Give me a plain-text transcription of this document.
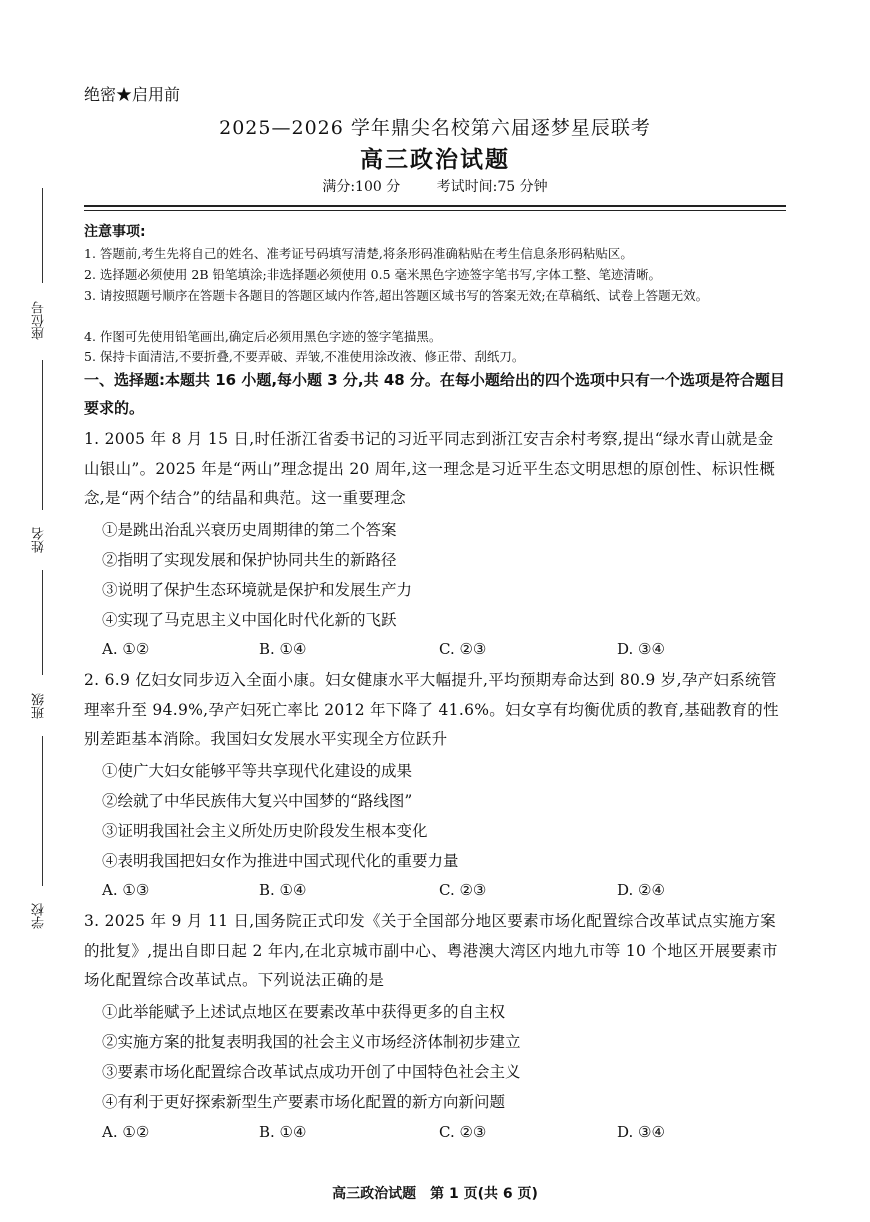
座位号
姓名
班级
学校
绝密★启用前
2025—2026 学年鼎尖名校第六届逐梦星辰联考
高三政治试题
满分:100 分	考试时间:75 分钟
注意事项:
1. 答题前,考生先将自己的姓名、准考证号码填写清楚,将条形码准确粘贴在考生信息条形码粘贴区。
2. 选择题必须使用 2B 铅笔填涂;非选择题必须使用 0.5 毫米黑色字迹签字笔书写,字体工整、笔迹清晰。
3. 请按照题号顺序在答题卡各题目的答题区域内作答,超出答题区域书写的答案无效;在草稿纸、试卷上答题无效。
4. 作图可先使用铅笔画出,确定后必须用黑色字迹的签字笔描黑。
5. 保持卡面清洁,不要折叠,不要弄破、弄皱,不准使用涂改液、修正带、刮纸刀。
一、选择题:本题共 16 小题,每小题 3 分,共 48 分。在每小题给出的四个选项中只有一个选项是符合题目要求的。
1. 2005 年 8 月 15 日,时任浙江省委书记的习近平同志到浙江安吉余村考察,提出“绿水青山就是金山银山”。2025 年是“两山”理念提出 20 周年,这一理念是习近平生态文明思想的原创性、标识性概念,是“两个结合”的结晶和典范。这一重要理念
①是跳出治乱兴衰历史周期律的第二个答案
②指明了实现发展和保护协同共生的新路径
③说明了保护生态环境就是保护和发展生产力
④实现了马克思主义中国化时代化新的飞跃
A. ①②	B. ①④	C. ②③	D. ③④
2. 6.9 亿妇女同步迈入全面小康。妇女健康水平大幅提升,平均预期寿命达到 80.9 岁,孕产妇系统管理率升至 94.9%,孕产妇死亡率比 2012 年下降了 41.6%。妇女享有均衡优质的教育,基础教育的性别差距基本消除。我国妇女发展水平实现全方位跃升
①使广大妇女能够平等共享现代化建设的成果
②绘就了中华民族伟大复兴中国梦的“路线图”
③证明我国社会主义所处历史阶段发生根本变化
④表明我国把妇女作为推进中国式现代化的重要力量
A. ①③	B. ①④	C. ②③	D. ②④
3. 2025 年 9 月 11 日,国务院正式印发《关于全国部分地区要素市场化配置综合改革试点实施方案的批复》,提出自即日起 2 年内,在北京城市副中心、粤港澳大湾区内地九市等 10 个地区开展要素市场化配置综合改革试点。下列说法正确的是
①此举能赋予上述试点地区在要素改革中获得更多的自主权
②实施方案的批复表明我国的社会主义市场经济体制初步建立
③要素市场化配置综合改革试点成功开创了中国特色社会主义
④有利于更好探索新型生产要素市场化配置的新方向新问题
A. ①②	B. ①④	C. ②③	D. ③④
高三政治试题　第 1 页(共 6 页)
